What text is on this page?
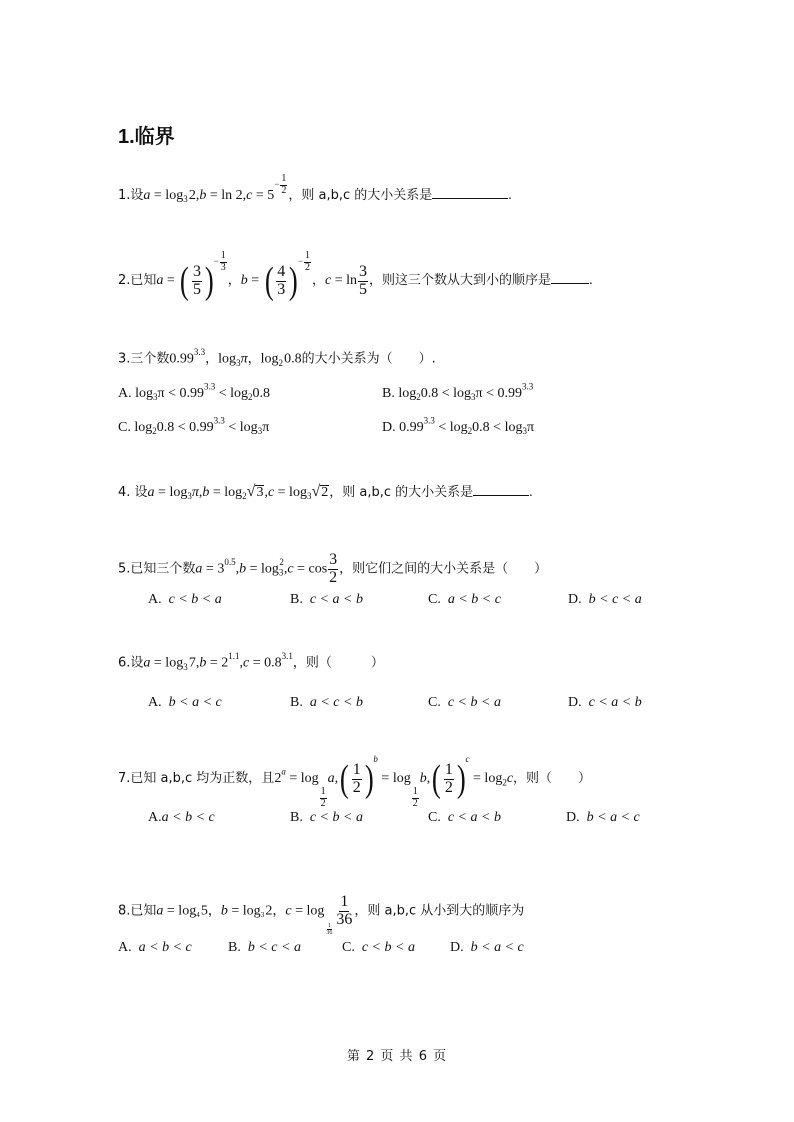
1.临界
1.设$a = \log_3$ $2,b = \ln 2,c = 5^{- \frac{1}{2}}$ ，则 a,b,c 的大小关系是	.
2.已知a = ( 3
5 ) $^{- \frac{1}{3}}$
，b = ( 4
3 ) $^{- \frac{1}{2}}$
，$c = \ln \frac{3}{5}$ ，则这三个数从大到小的顺序是	.
3.三个数$0.99^{3.3}$，$\log_3\pi$，$\log_2$ 0.8的大小关系为（　　）.
A. $\log_3\pi < 0.99^{3.3} < \log_20.8$	B. $\log_20.8 < \log_3\pi < 0.99^{3.3}$
C. $\log_20.8 < 0.99^{3.3} < \log_3\pi$	D. $0.99^{3.3} < \log_20.8 < \log_3\pi$
4. 设$a = \log_3\pi,b = \log_2$ √ 3 $,c = \log_3$ √ 2 ，则 a,b,c 的大小关系是	.
5.已知三个数$a = 3^{0.5},b = \log_3^2,c = \cos \frac{3}{2}$ ，则它们之间的大小关系是（　　）
A. c < b < a	B. c < a < b	C. a < b < c	D. b < c < a
6.设$a = \log_3$ $7,b = 2^{1.1},c = 0.8^{3.1}$，则（　　　）
A. b < a < c	B. a < c < b	C. c < b < a	D. c < a < b
7.已知 a,b,c 均为正数，且$2^a = \log$
$\frac{1}{2}$
a, ( 1
2 ) $^b$ = log
$\frac{1}{2}$
b, ( 1
2 ) $^c = \log_2c$，则（　　）
A.a < b < c	B. c < b < a	C. c < a < b	D. b < a < c
8.已知$a = \log_4$ 5，$b = \log_3$ 2，c = log
$\frac{1}{36}$
$\frac{1}{36}$ ，则 a,b,c 从小到大的顺序为
A. a < b < c	B. b < c < a	C. c < b < a	D. b < a < c
第 2 页 共 6 页
